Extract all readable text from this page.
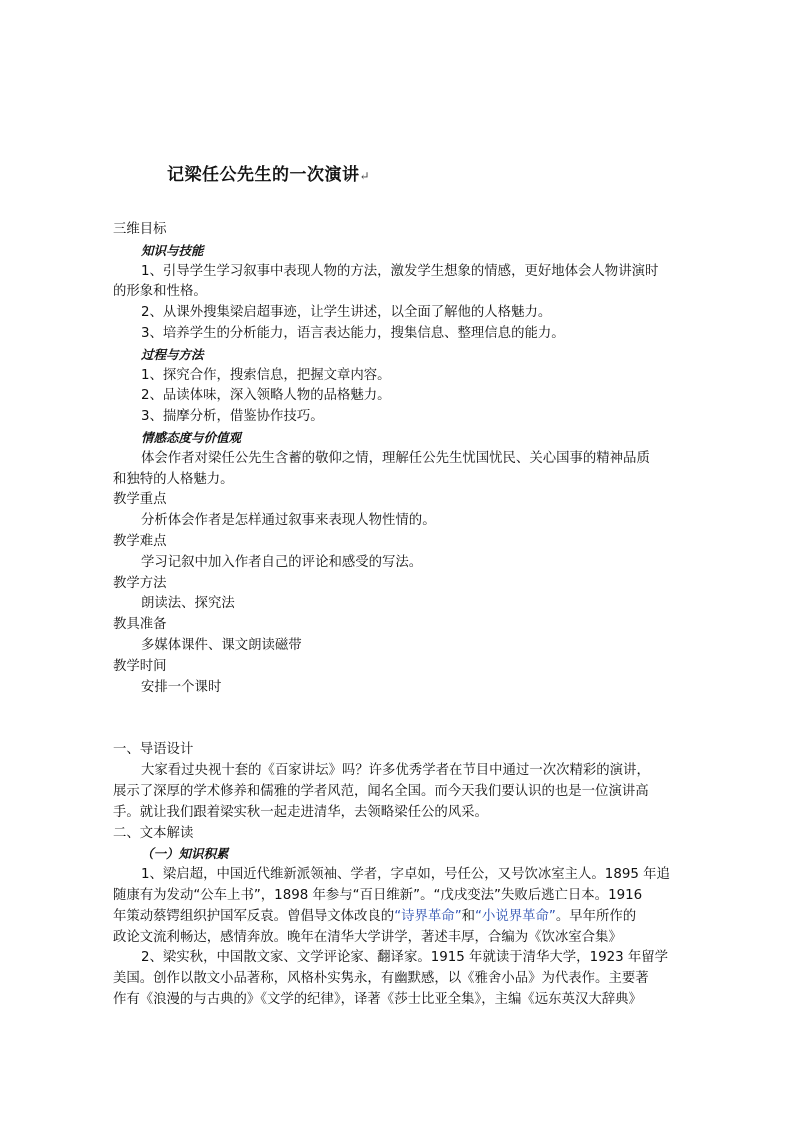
记梁任公先生的一次演讲↵
三维目标
知识与技能
1、引导学生学习叙事中表现人物的方法，激发学生想象的情感，更好地体会人物讲演时
的形象和性格。
2、从课外搜集梁启超事迹，让学生讲述，以全面了解他的人格魅力。
3、培养学生的分析能力，语言表达能力，搜集信息、整理信息的能力。
过程与方法
1、探究合作，搜索信息，把握文章内容。
2、品读体味，深入领略人物的品格魅力。
3、揣摩分析，借鉴协作技巧。
情感态度与价值观
体会作者对梁任公先生含蓄的敬仰之情，理解任公先生忧国忧民、关心国事的精神品质
和独特的人格魅力。
教学重点
分析体会作者是怎样通过叙事来表现人物性情的。
教学难点
学习记叙中加入作者自己的评论和感受的写法。
教学方法
朗读法、探究法
教具准备
多媒体课件、课文朗读磁带
教学时间
安排一个课时
一、导语设计
大家看过央视十套的《百家讲坛》吗？许多优秀学者在节目中通过一次次精彩的演讲，
展示了深厚的学术修养和儒雅的学者风范，闻名全国。而今天我们要认识的也是一位演讲高
手。就让我们跟着梁实秋一起走进清华，去领略梁任公的风采。
二、文本解读
（一）知识积累
1、梁启超，中国近代维新派领袖、学者，字卓如，号任公，又号饮冰室主人。1895 年追
随康有为发动“公车上书”，1898 年参与“百日维新”。“戊戌变法”失败后逃亡日本。1916
年策动蔡锷组织护国军反袁。曾倡导文体改良的“诗界革命”和“小说界革命”。早年所作的
政论文流利畅达，感情奔放。晚年在清华大学讲学，著述丰厚，合编为《饮冰室合集》
2、梁实秋，中国散文家、文学评论家、翻译家。1915 年就读于清华大学，1923 年留学
美国。创作以散文小品著称，风格朴实隽永，有幽默感，以《雅舍小品》为代表作。主要著
作有《浪漫的与古典的》《文学的纪律》，译著《莎士比亚全集》，主编《远东英汉大辞典》
